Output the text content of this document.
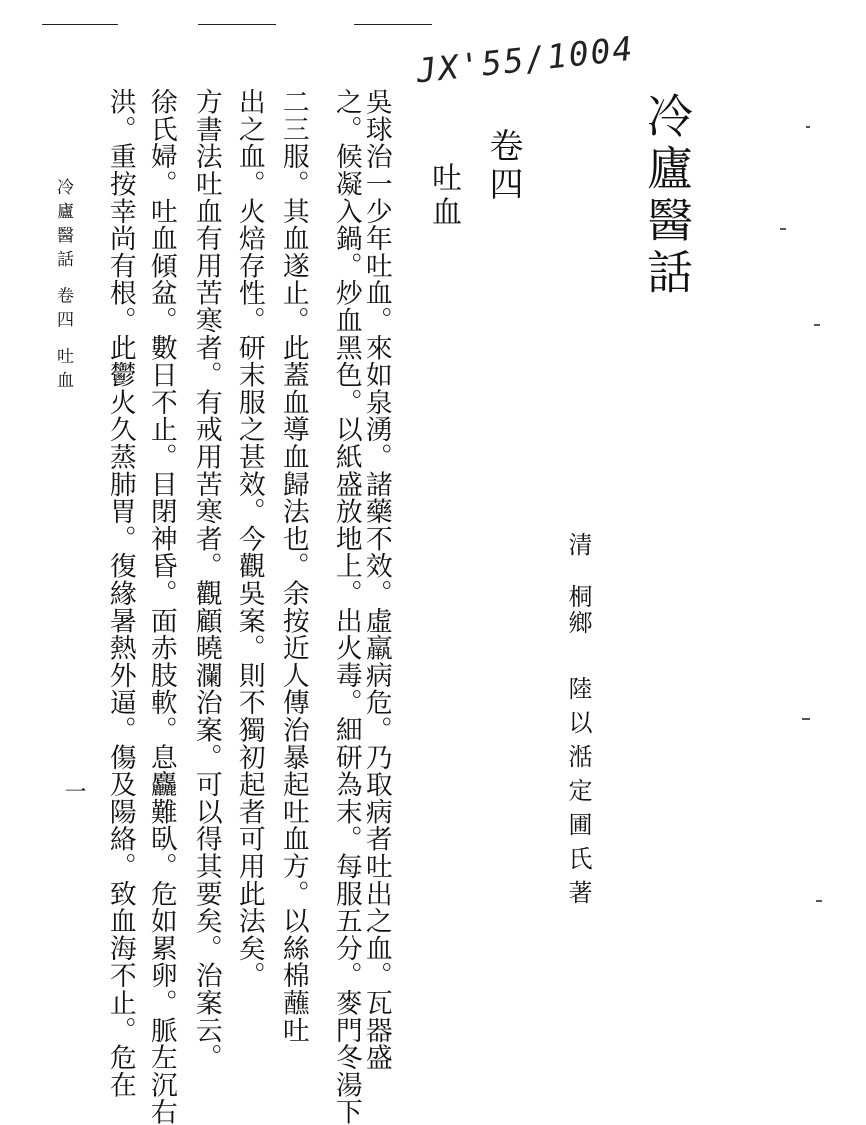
JX'55/1004
冷廬醫話
卷四
吐血
清
桐鄉
陸以湉定圃氏著
吳球治一少年吐血。來如泉湧。諸藥不效。虛羸病危。乃取病者吐出之血。瓦器盛
之。候凝入鍋。炒血黑色。以紙盛放地上。出火毒。細研為末。每服五分。麥門冬湯下
二三服。其血遂止。此蓋血導血歸法也。余按近人傳治暴起吐血方。以絲棉蘸吐
出之血。火焙存性。研末服之甚效。今觀吳案。則不獨初起者可用此法矣。
方書法吐血有用苦寒者。有戒用苦寒者。觀顧曉瀾治案。可以得其要矣。治案云。
徐氏婦。吐血傾盆。數日不止。目閉神昏。面赤肢軟。息麤難臥。危如累卵。脈左沉右
洪。重按幸尚有根。此鬱火久蒸肺胃。復緣暑熱外逼。傷及陽絡。致血海不止。危在
冷廬醫話 卷四 吐血
一
